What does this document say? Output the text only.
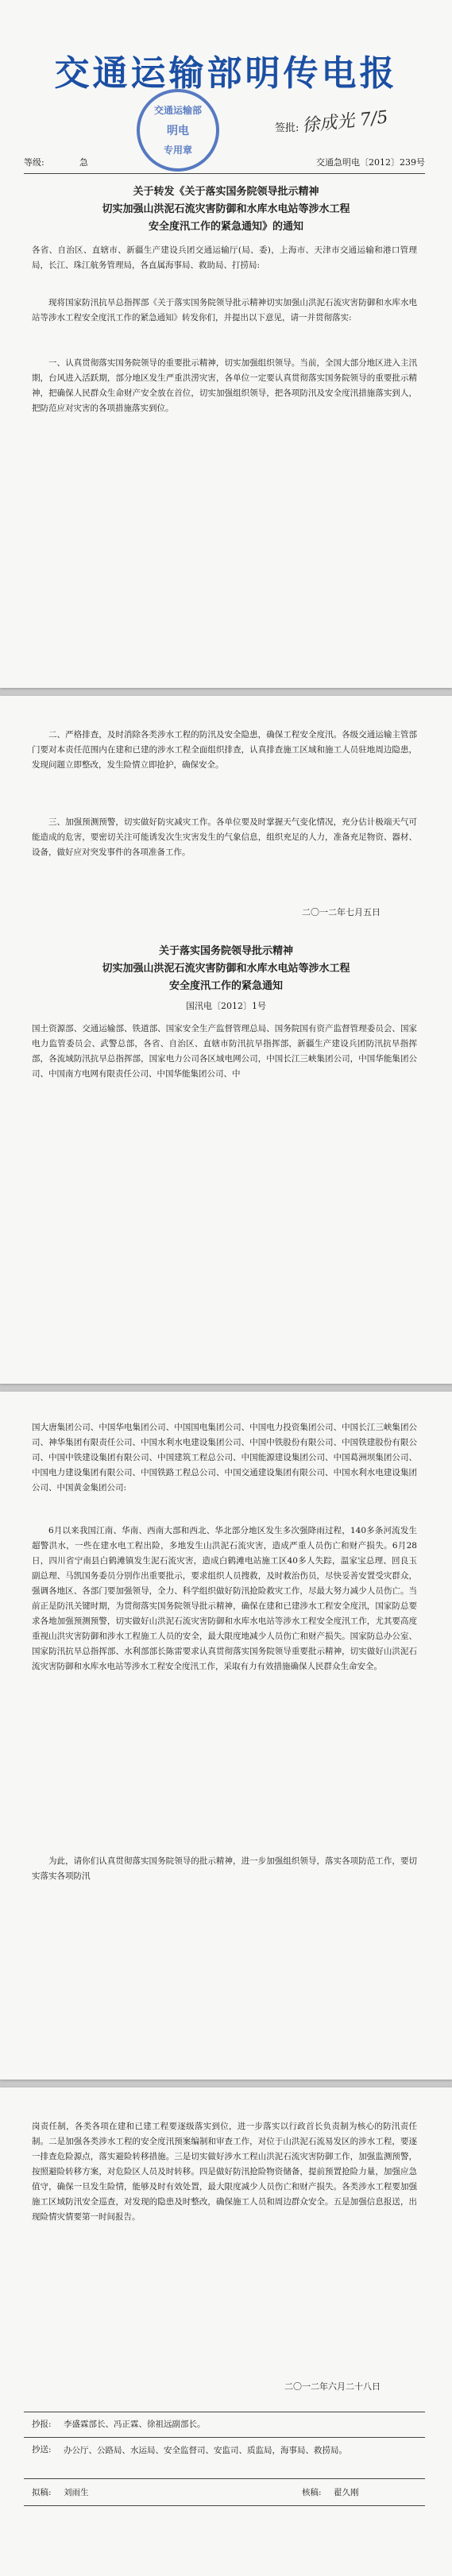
交通运输部明传电报
交通运输部
明电
专用章
签批: 徐成光 7/5
等级:	急	交通急明电〔2012〕239号
关于转发《关于落实国务院领导批示精神
切实加强山洪泥石流灾害防御和水库水电站等涉水工程
安全度汛工作的紧急通知》的通知
各省、自治区、直辖市、新疆生产建设兵团交通运输厅(局、委)，上海市、天津市交通运输和港口管理局，长江、珠江航务管理局，各直属海事局、救助局、打捞局:
现将国家防汛抗旱总指挥部《关于落实国务院领导批示精神切实加强山洪泥石流灾害防御和水库水电站等涉水工程安全度汛工作的紧急通知》转发你们，并提出以下意见，请一并贯彻落实:
一、认真贯彻落实国务院领导的重要批示精神，切实加强组织领导。当前，全国大部分地区进入主汛期，台风进入活跃期，部分地区发生严重洪涝灾害，各单位一定要认真贯彻落实国务院领导的重要批示精神，把确保人民群众生命财产安全放在首位，切实加强组织领导，把各项防汛及安全度汛措施落实到人，把防范应对灾害的各项措施落实到位。
二、严格排查，及时消除各类涉水工程的防汛及安全隐患，确保工程安全度汛。各级交通运输主管部门要对本责任范围内在建和已建的涉水工程全面组织排查，认真排查施工区域和施工人员驻地周边隐患，发现问题立即整改，发生险情立即抢护，确保安全。
三、加强预测预警，切实做好防灾减灾工作。各单位要及时掌握天气变化情况，充分估计极端天气可能造成的危害，要密切关注可能诱发次生灾害发生的气象信息，组织充足的人力，准备充足物资、器材、设备，做好应对突发事件的各项准备工作。
二〇一二年七月五日
关于落实国务院领导批示精神
切实加强山洪泥石流灾害防御和水库水电站等涉水工程
安全度汛工作的紧急通知
国汛电〔2012〕1号
国土资源部、交通运输部、铁道部、国家安全生产监督管理总局、国务院国有资产监督管理委员会、国家电力监管委员会、武警总部，各省、自治区、直辖市防汛抗旱指挥部，新疆生产建设兵团防汛抗旱指挥部，各流域防汛抗旱总指挥部，国家电力公司各区域电网公司，中国长江三峡集团公司，中国华能集团公司、中国南方电网有限责任公司、中国华能集团公司、中
国大唐集团公司、中国华电集团公司、中国国电集团公司、中国电力投资集团公司、中国长江三峡集团公司、神华集团有限责任公司、中国水利水电建设集团公司、中国中铁股份有限公司、中国铁建股份有限公司、中国中铁建设集团有限公司、中国建筑工程总公司、中国能源建设集团公司、中国葛洲坝集团公司、中国电力建设集团有限公司、中国铁路工程总公司、中国交通建设集团有限公司、中国水利水电建设集团公司、中国黄金集团公司:
6月以来我国江南、华南、西南大部和西北、华北部分地区发生多次强降雨过程，140多条河流发生超警洪水，一些在建水电工程出险，多地发生山洪泥石流灾害，造成严重人员伤亡和财产损失。6月28日，四川省宁南县白鹤滩镇发生泥石流灾害，造成白鹤滩电站施工区40多人失踪，温家宝总理、回良玉副总理、马凯国务委员分别作出重要批示，要求组织人员搜救，及时救治伤员，尽快妥善安置受灾群众，强调各地区、各部门要加强领导，全力、科学组织做好防汛抢险救灾工作，尽最大努力减少人员伤亡。当前正是防汛关键时期，为贯彻落实国务院领导批示精神，确保在建和已建涉水工程安全度汛，国家防总要求各地加强预测预警，切实做好山洪泥石流灾害防御和水库水电站等涉水工程安全度汛工作，尤其要高度重视山洪灾害防御和涉水工程施工人员的安全，最大限度地减少人员伤亡和财产损失。国家防总办公室、国家防汛抗旱总指挥部、水利部部长陈雷要求认真贯彻落实国务院领导重要批示精神，切实做好山洪泥石流灾害防御和水库水电站等涉水工程安全度汛工作，采取有力有效措施确保人民群众生命安全。
为此，请你们认真贯彻落实国务院领导的批示精神，进一步加强组织领导，落实各项防范工作，要切实落实各项防汛
岗责任制，各类各项在建和已建工程要逐级落实到位，进一步落实以行政首长负责制为核心的防汛责任制。二是加强各类涉水工程的安全度汛预案编制和审查工作，对位于山洪泥石流易发区的涉水工程，要逐一排查危险源点，落实避险转移措施。三是切实做好涉水工程山洪泥石流灾害防御工作，加强监测预警，按照避险转移方案，对危险区人员及时转移。四是做好防汛抢险物资储备，提前预置抢险力量，加强应急值守，确保一旦发生险情，能够及时有效处置，最大限度减少人员伤亡和财产损失。各类涉水工程要加强施工区域防汛安全巡查，对发现的隐患及时整改，确保施工人员和周边群众安全。五是加强信息报送，出现险情灾情要第一时间报告。
二〇一二年六月二十八日
抄报: 李盛霖部长、冯正霖、徐祖远副部长。
抄送: 办公厅、公路局、水运局、安全监督司、安监司、质监局，海事局、救捞局。
拟稿: 刘雨生	核稿: 翟久刚
